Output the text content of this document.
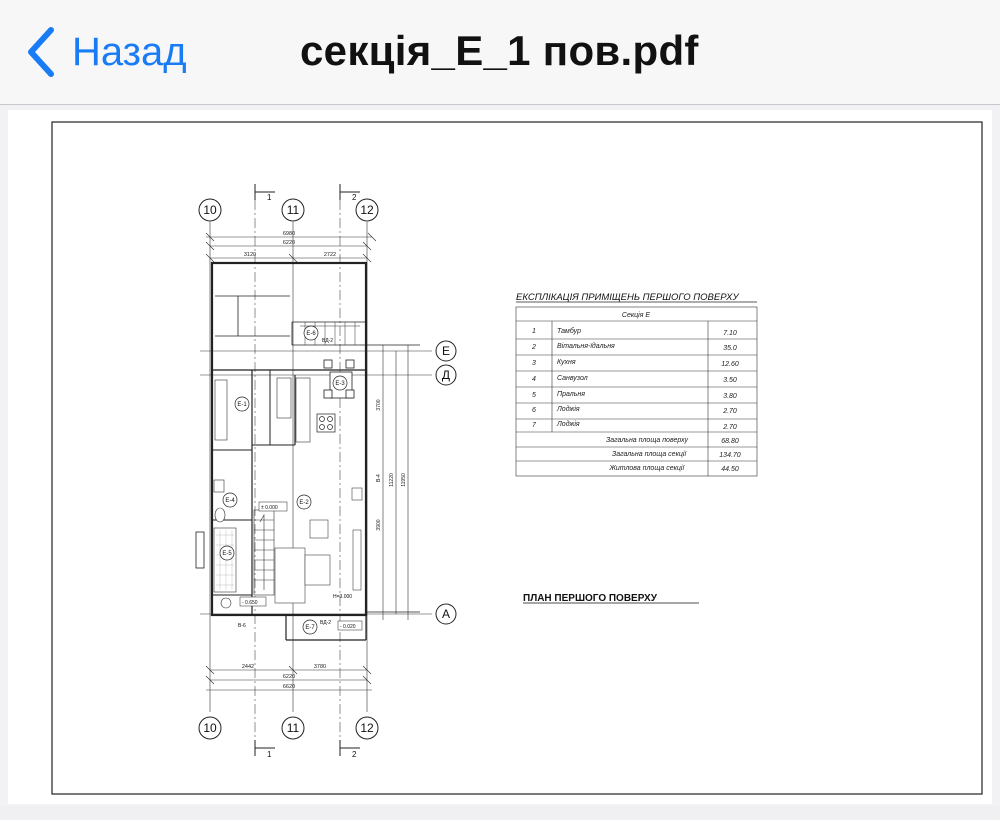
Назад	секція_Е_1 пов.pdf
10	11	12
10	11	12
Е
Д
А
1	2
1	2
6980
6220
3120	2722
2442	3780
6220
6620
3700
11220 11950
3900
Е-1
Е-2
Е-3
Е-4
Е-5
Е-6
Е-7
± 0.000
- 0.650
- 0.020
Н=3.000
В-4
В-6
ВД-2
ВД-2
ЕКСПЛІКАЦІЯ ПРИМІЩЕНЬ ПЕРШОГО ПОВЕРХУ
Секція Е
1	Тамбур	7.10
2	Вітальня-їдальня	35.0
3	Кухня	12.60
4	Санвузол	3.50
5	Пральня	3.80
6	Лоджія	2.70
7	Лоджія	2.70
Загальна площа поверху	68.80
Загальна площа секції	134.70
Житлова площа секції	44.50
ПЛАН ПЕРШОГО ПОВЕРХУ
